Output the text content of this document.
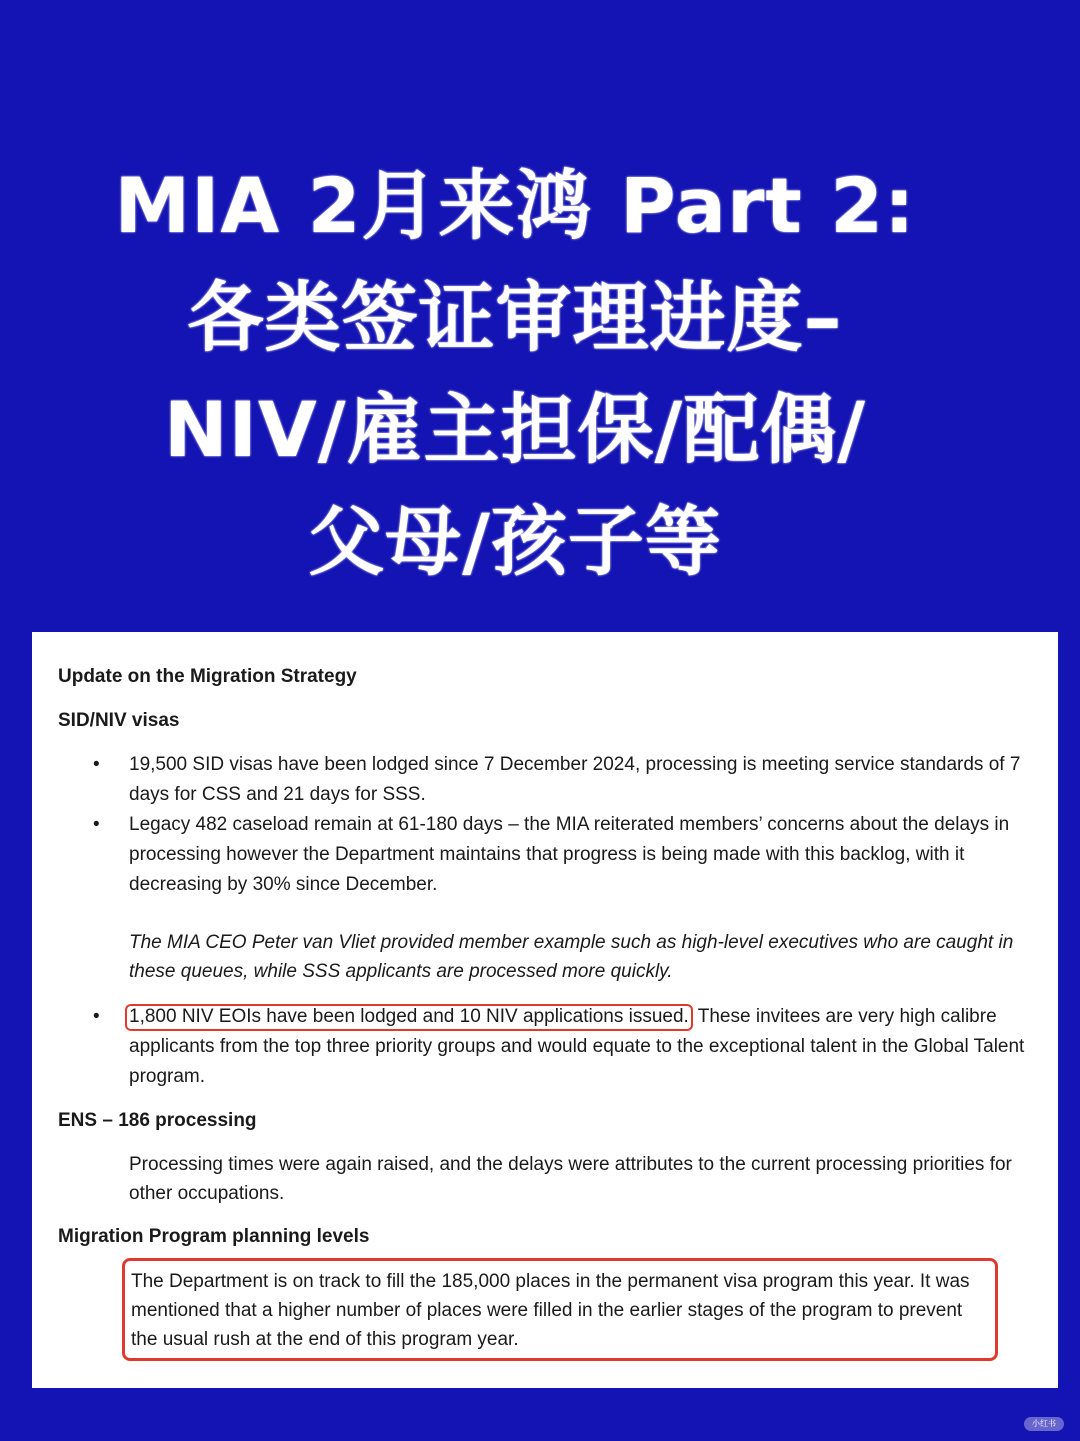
MIA 2月来鸿 Part 2:
各类签证审理进度–
NIV/雇主担保/配偶/
父母/孩子等

Update on the Migration Strategy

SID/NIV visas

• 19,500 SID visas have been lodged since 7 December 2024, processing is meeting service standards of 7 days for CSS and 21 days for SSS.
• Legacy 482 caseload remain at 61-180 days – the MIA reiterated members’ concerns about the delays in processing however the Department maintains that progress is being made with this backlog, with it decreasing by 30% since December.
The MIA CEO Peter van Vliet provided member example such as high-level executives who are caught in these queues, while SSS applicants are processed more quickly.
• 1,800 NIV EOIs have been lodged and 10 NIV applications issued. These invitees are very high calibre applicants from the top three priority groups and would equate to the exceptional talent in the Global Talent program.

ENS – 186 processing

Processing times were again raised, and the delays were attributes to the current processing priorities for other occupations.

Migration Program planning levels

The Department is on track to fill the 185,000 places in the permanent visa program this year. It was mentioned that a higher number of places were filled in the earlier stages of the program to prevent the usual rush at the end of this program year.
小红书
